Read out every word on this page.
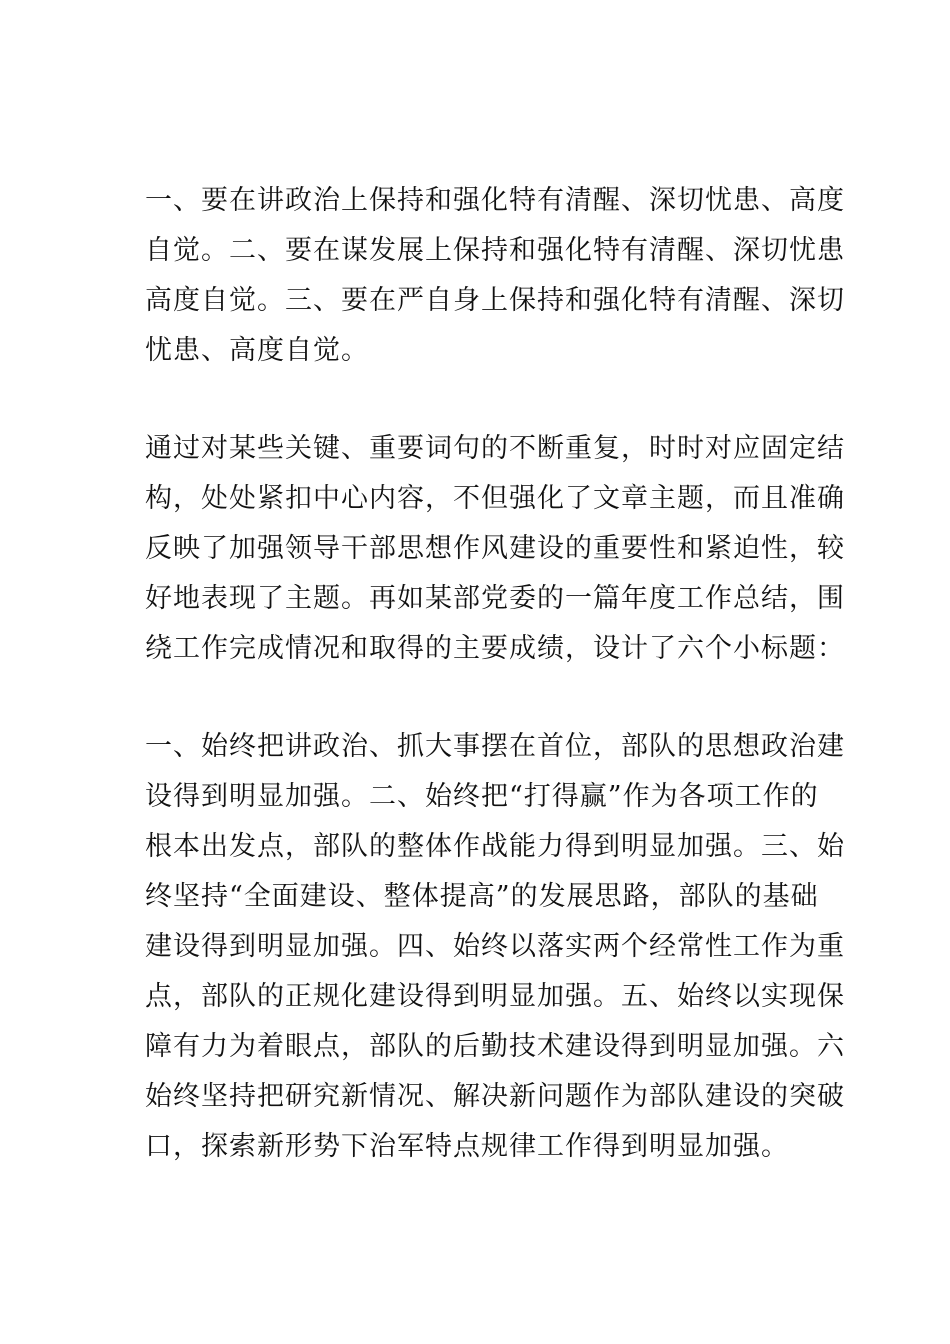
一、要在讲政治上保持和强化特有清醒、深切忧患、高度
自觉。二、要在谋发展上保持和强化特有清醒、深切忧患
高度自觉。三、要在严自身上保持和强化特有清醒、深切
忧患、高度自觉。
通过对某些关键、重要词句的不断重复，时时对应固定结
构，处处紧扣中心内容，不但强化了文章主题，而且准确
反映了加强领导干部思想作风建设的重要性和紧迫性，较
好地表现了主题。再如某部党委的一篇年度工作总结，围
绕工作完成情况和取得的主要成绩，设计了六个小标题：
一、始终把讲政治、抓大事摆在首位，部队的思想政治建
设得到明显加强。二、始终把“打得赢”作为各项工作的
根本出发点，部队的整体作战能力得到明显加强。三、始
终坚持“全面建设、整体提高”的发展思路，部队的基础
建设得到明显加强。四、始终以落实两个经常性工作为重
点，部队的正规化建设得到明显加强。五、始终以实现保
障有力为着眼点，部队的后勤技术建设得到明显加强。六
始终坚持把研究新情况、解决新问题作为部队建设的突破
口，探索新形势下治军特点规律工作得到明显加强。
